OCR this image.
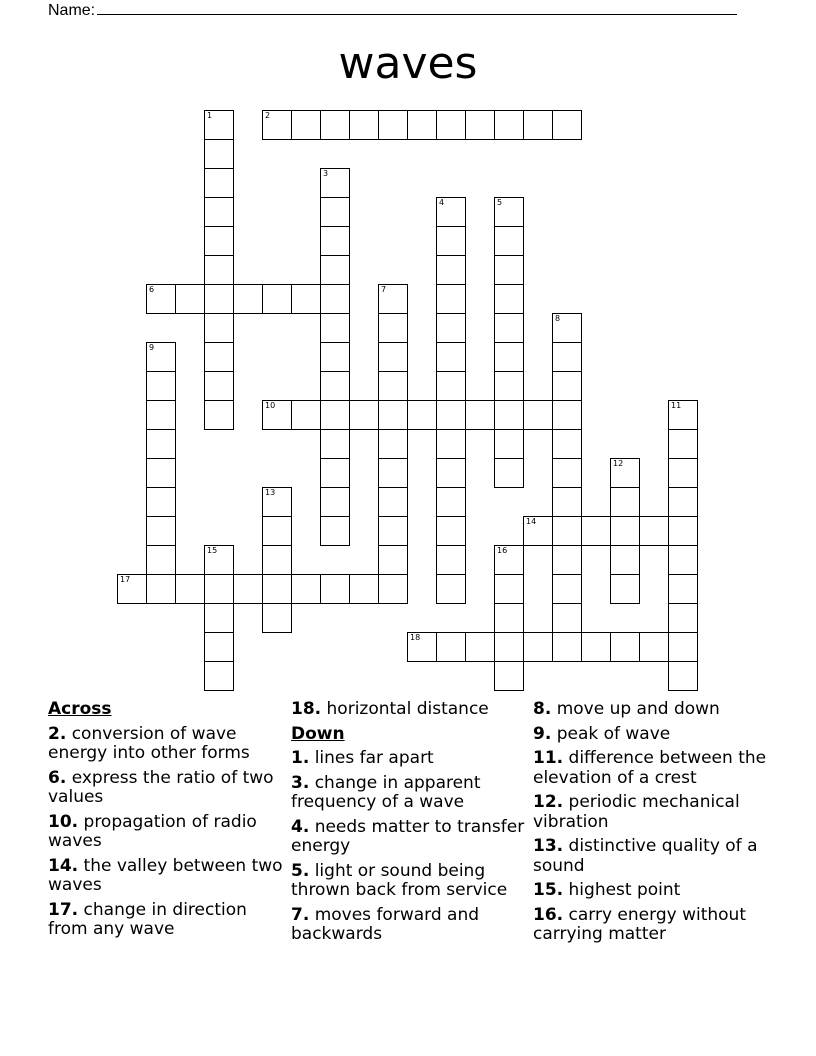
Name:
waves
1	2
3
4	5
6	7
8
9
10	11
12
13
14
15	16
17
18
Across
2. conversion of wave energy into other forms
6. express the ratio of two values
10. propagation of radio waves
14. the valley between two waves
17. change in direction from any wave
18. horizontal distance
Down
1. lines far apart
3. change in apparent frequency of a wave
4. needs matter to transfer energy
5. light or sound being thrown back from service
7. moves forward and backwards
8. move up and down
9. peak of wave
11. difference between the elevation of a crest
12. periodic mechanical vibration
13. distinctive quality of a sound
15. highest point
16. carry energy without carrying matter
